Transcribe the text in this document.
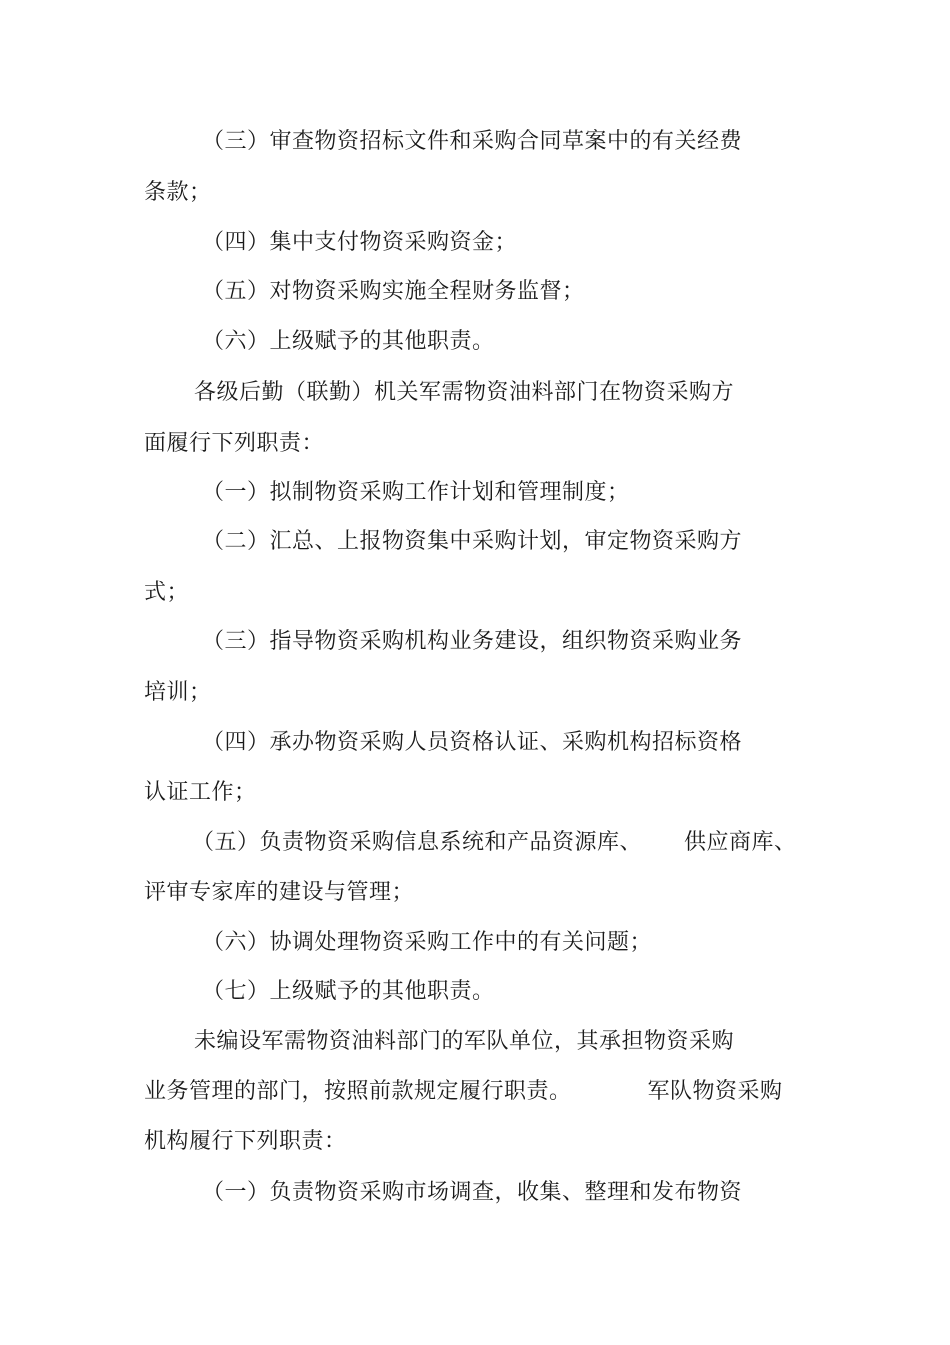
（三）审查物资招标文件和采购合同草案中的有关经费
条款；
（四）集中支付物资采购资金；
（五）对物资采购实施全程财务监督；
（六）上级赋予的其他职责。
各级后勤（联勤）机关军需物资油料部门在物资采购方
面履行下列职责：
（一）拟制物资采购工作计划和管理制度；
（二）汇总、上报物资集中采购计划，审定物资采购方
式；
（三）指导物资采购机构业务建设，组织物资采购业务
培训；
（四）承办物资采购人员资格认证、采购机构招标资格
认证工作；
（五）负责物资采购信息系统和产品资源库、 供应商库、
评审专家库的建设与管理；
（六）协调处理物资采购工作中的有关问题；
（七）上级赋予的其他职责。
未编设军需物资油料部门的军队单位，其承担物资采购
业务管理的部门，按照前款规定履行职责。	军队物资采购
机构履行下列职责：
（一）负责物资采购市场调查，收集、整理和发布物资
